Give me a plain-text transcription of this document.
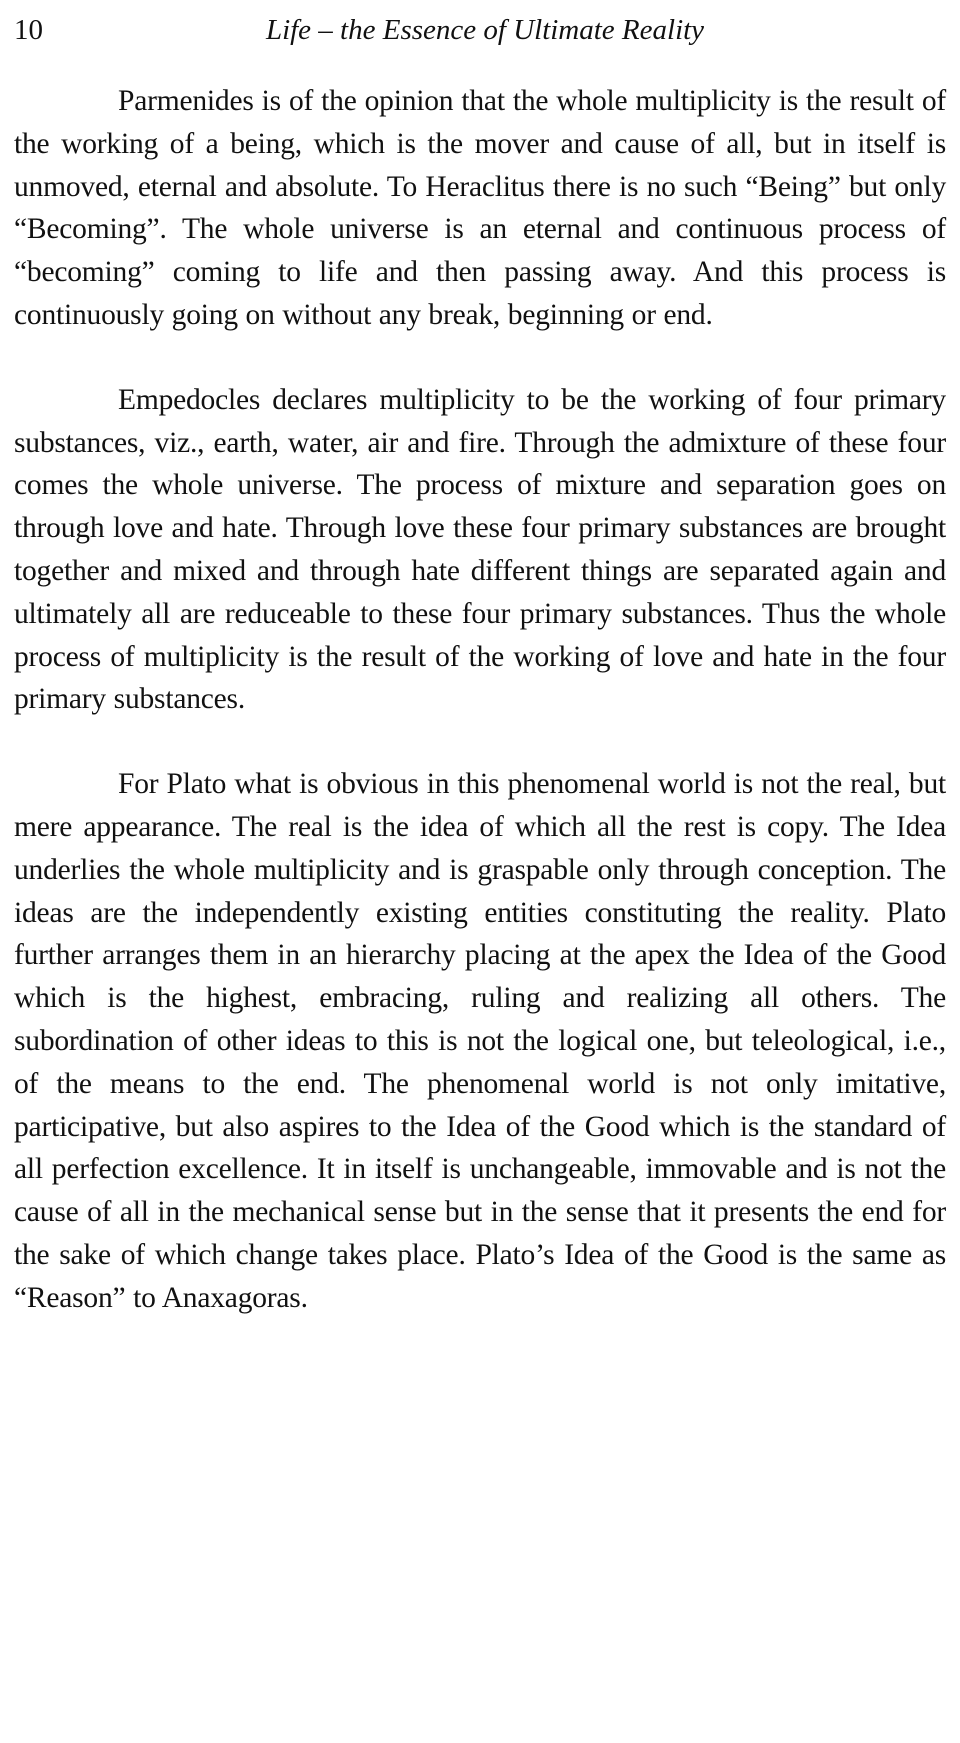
10	Life – the Essence of Ultimate Reality

Parmenides is of the opinion that the whole multiplicity is the result of the working of a being, which is the mover and cause of all, but in itself is unmoved, eternal and absolute. To Heraclitus there is no such “Being” but only “Becoming”. The whole universe is an eternal and continuous process of “becoming” coming to life and then passing away. And this process is continuously going on without any break, beginning or end.

Empedocles declares multiplicity to be the working of four primary substances, viz., earth, water, air and fire. Through the admixture of these four comes the whole universe. The process of mixture and separation goes on through love and hate. Through love these four primary substances are brought together and mixed and through hate different things are separated again and ultimately all are reduceable to these four primary substances. Thus the whole process of multiplicity is the result of the working of love and hate in the four primary substances.

For Plato what is obvious in this phenomenal world is not the real, but mere appearance. The real is the idea of which all the rest is copy. The Idea underlies the whole multiplicity and is graspable only through conception. The ideas are the independently existing entities constituting the reality. Plato further arranges them in an hierarchy placing at the apex the Idea of the Good which is the highest, embracing, ruling and realizing all others. The subordination of other ideas to this is not the logical one, but teleological, i.e., of the means to the end. The phenomenal world is not only imitative, participative, but also aspires to the Idea of the Good which is the standard of all perfection excellence. It in itself is unchangeable, immovable and is not the cause of all in the mechanical sense but in the sense that it presents the end for the sake of which change takes place. Plato’s Idea of the Good is the same as “Reason” to Anaxagoras.
